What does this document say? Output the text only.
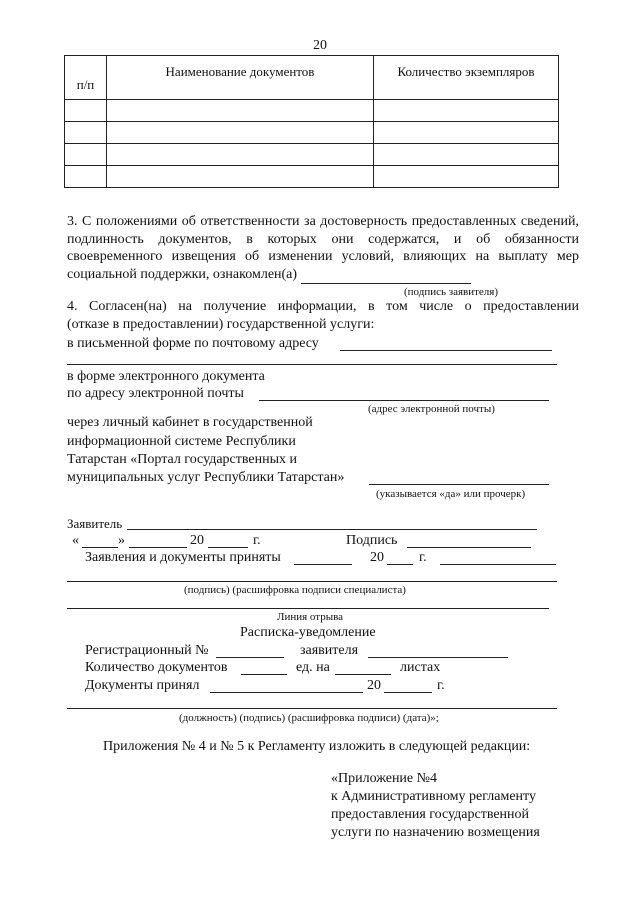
20
п/п	Наименование документов	Количество экземпляров

3. С положениями об ответственности за достоверность предоставленных сведений, подлинность документов, в которых они содержатся, и об обязанности своевременного извещения об изменении условий, влияющих на выплату мер социальной поддержки, ознакомлен(а)
(подпись заявителя)
4. Согласен(на) на получение информации, в том числе о предоставлении
(отказе в предоставлении) государственной услуги:
в письменной форме по почтовому адресу
в форме электронного документа
по адресу электронной почты
(адрес электронной почты)
через личный кабинет в государственной
информационной системе Республики
Татарстан «Портал государственных и
муниципальных услуг Республики Татарстан»
(указывается «да» или прочерк)
Заявитель
«	»	20	г.	Подпись
Заявления и документы приняты	20	г.
(подпись) (расшифровка подписи специалиста)
Линия отрыва
Расписка-уведомление
Регистрационный №	заявителя
Количество документов	ед. на	листах
Документы принял	20	г.
(должность) (подпись) (расшифровка подписи) (дата)»;
Приложения № 4 и № 5 к Регламенту изложить в следующей редакции:
«Приложение №4
к Административному регламенту
предоставления государственной
услуги по назначению возмещения
